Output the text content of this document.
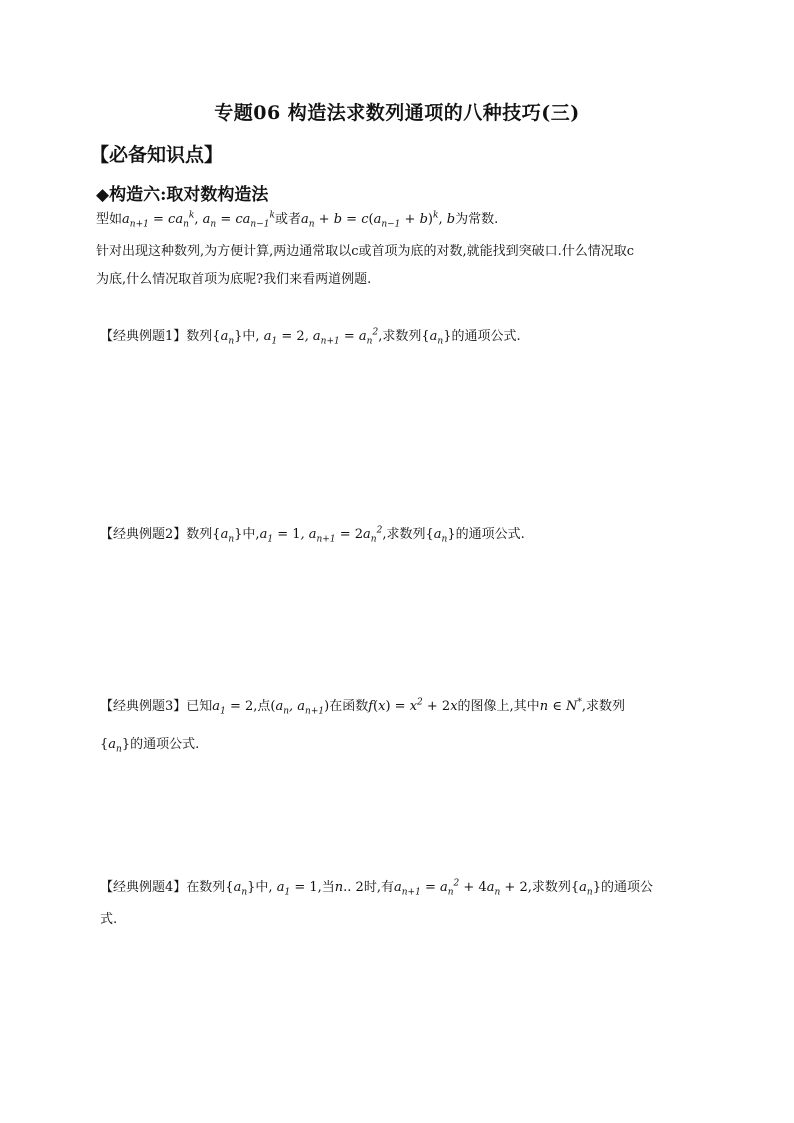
专题06 构造法求数列通项的八种技巧(三)
【必备知识点】
◆构造六:取对数构造法
型如$a_{n+1} = ca_n^k$, $a_n = ca_{n-1}^k$或者$a_n + b = c(a_{n-1} + b)^k$, b为常数.
针对出现这种数列,为方便计算,两边通常取以c或首项为底的对数,就能找到突破口.什么情况取c
为底,什么情况取首项为底呢?我们来看两道例题.
【经典例题1】数列$\{a_n\}$中, $a_1 = 2$, $a_{n+1} = a_n^2$,求数列$\{a_n\}$的通项公式.
【经典例题2】数列$\{a_n\}$中$,a_1 = 1$, $a_{n+1} = 2a_n^2$,求数列$\{a_n\}$的通项公式.
【经典例题3】已知$a_1 = 2$,点($a_n$, $a_{n+1}$)在函数$f(x) = x^2 + 2x$的图像上,其中n ∈ N*,求数列
$\{a_n\}$的通项公式.
【经典例题4】在数列$\{a_n\}$中, $a_1 = 1$,当n.. 2时,有$a_{n+1} = a_n^2 + 4a_n + 2$,求数列$\{a_n\}$的通项公
式.
